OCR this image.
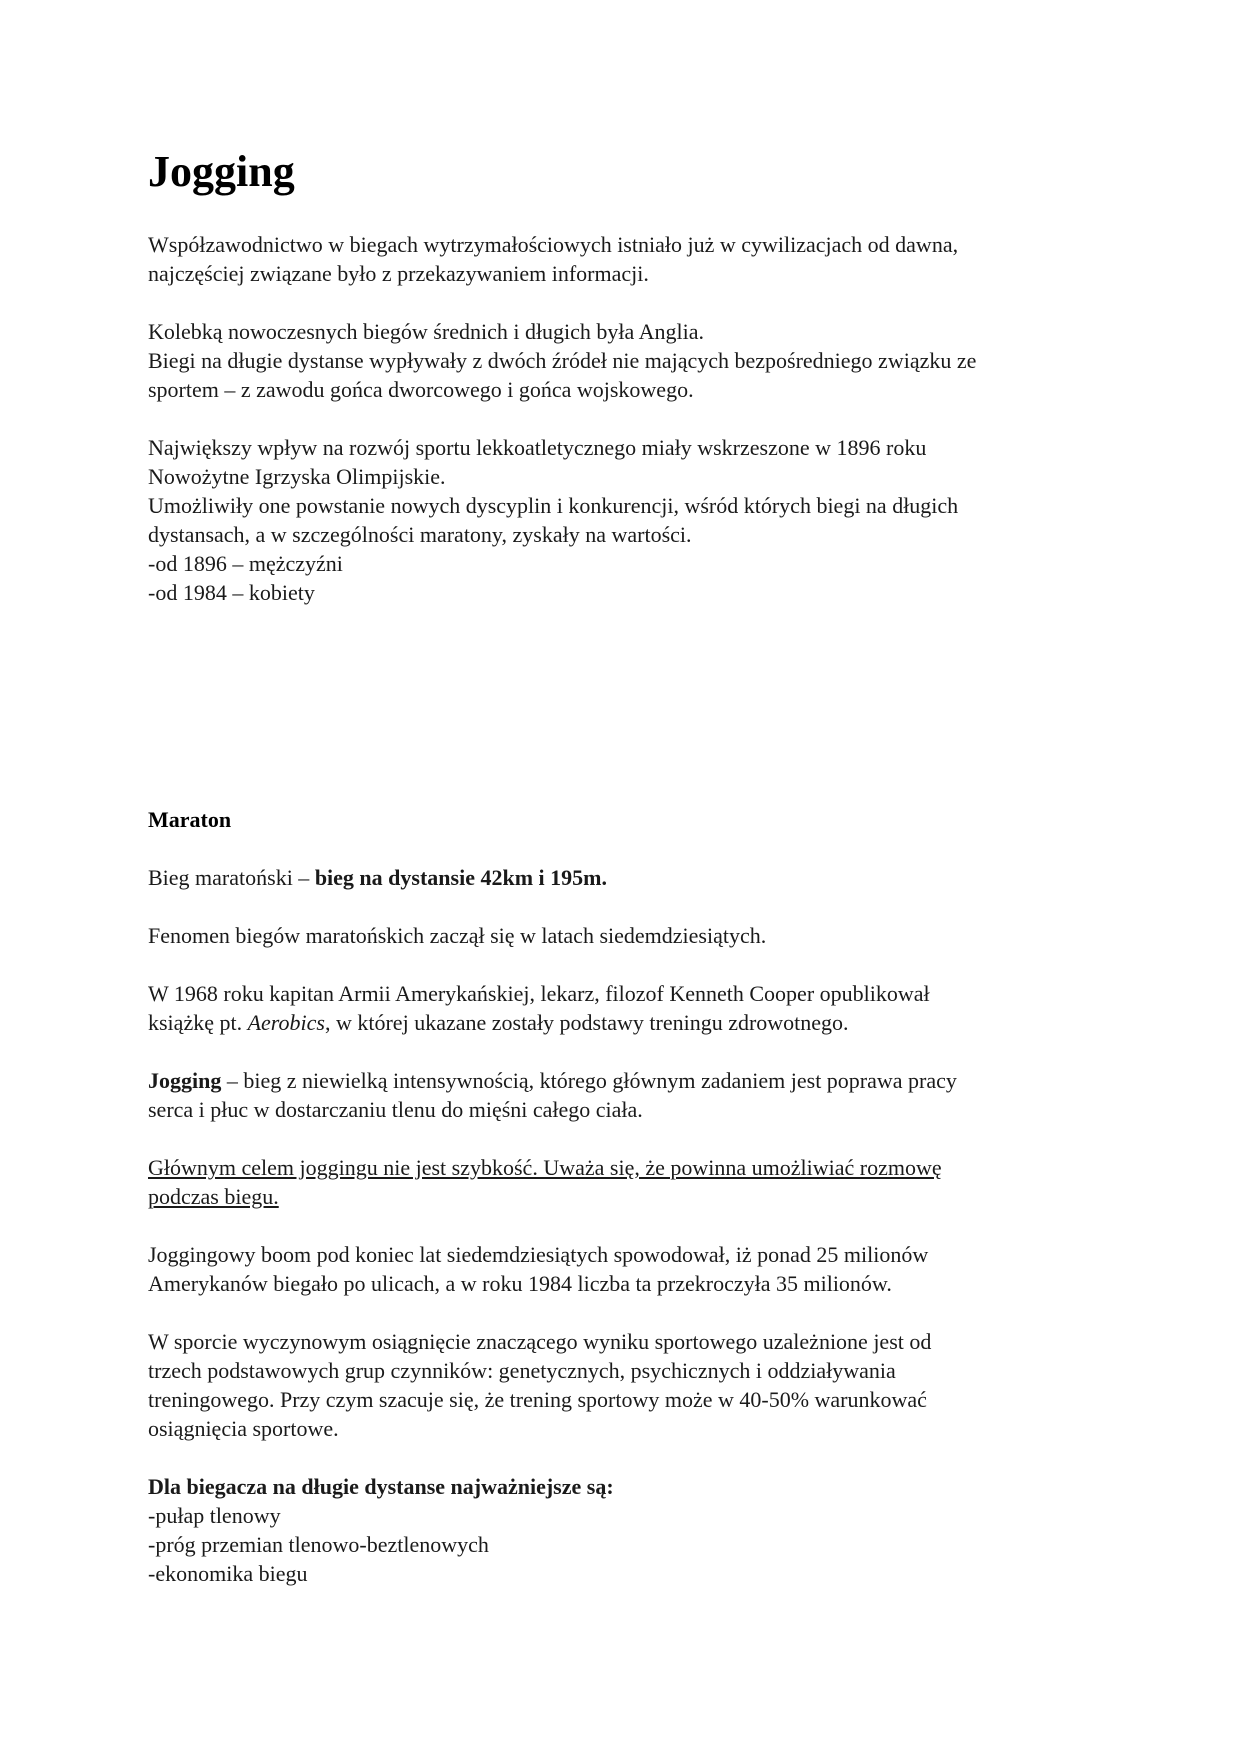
Jogging

Współzawodnictwo w biegach wytrzymałościowych istniało już w cywilizacjach od dawna,
najczęściej związane było z przekazywaniem informacji.

Kolebką nowoczesnych biegów średnich i długich była Anglia.
Biegi na długie dystanse wypływały z dwóch źródeł nie mających bezpośredniego związku ze
sportem – z zawodu gońca dworcowego i gońca wojskowego.

Największy wpływ na rozwój sportu lekkoatletycznego miały wskrzeszone w 1896 roku
Nowożytne Igrzyska Olimpijskie.
Umożliwiły one powstanie nowych dyscyplin i konkurencji, wśród których biegi na długich
dystansach, a w szczególności maratony, zyskały na wartości.
-od 1896 – mężczyźni
-od 1984 – kobiety

Maraton

Bieg maratoński – bieg na dystansie 42km i 195m.

Fenomen biegów maratońskich zaczął się w latach siedemdziesiątych.

W 1968 roku kapitan Armii Amerykańskiej, lekarz, filozof Kenneth Cooper opublikował
książkę pt. Aerobics, w której ukazane zostały podstawy treningu zdrowotnego.

Jogging – bieg z niewielką intensywnością, którego głównym zadaniem jest poprawa pracy
serca i płuc w dostarczaniu tlenu do mięśni całego ciała.

Głównym celem joggingu nie jest szybkość. Uważa się, że powinna umożliwiać rozmowę
podczas biegu.

Joggingowy boom pod koniec lat siedemdziesiątych spowodował, iż ponad 25 milionów
Amerykanów biegało po ulicach, a w roku 1984 liczba ta przekroczyła 35 milionów.

W sporcie wyczynowym osiągnięcie znaczącego wyniku sportowego uzależnione jest od
trzech podstawowych grup czynników: genetycznych, psychicznych i oddziaływania
treningowego. Przy czym szacuje się, że trening sportowy może w 40-50% warunkować
osiągnięcia sportowe.

Dla biegacza na długie dystanse najważniejsze są:
-pułap tlenowy
-próg przemian tlenowo-beztlenowych
-ekonomika biegu
